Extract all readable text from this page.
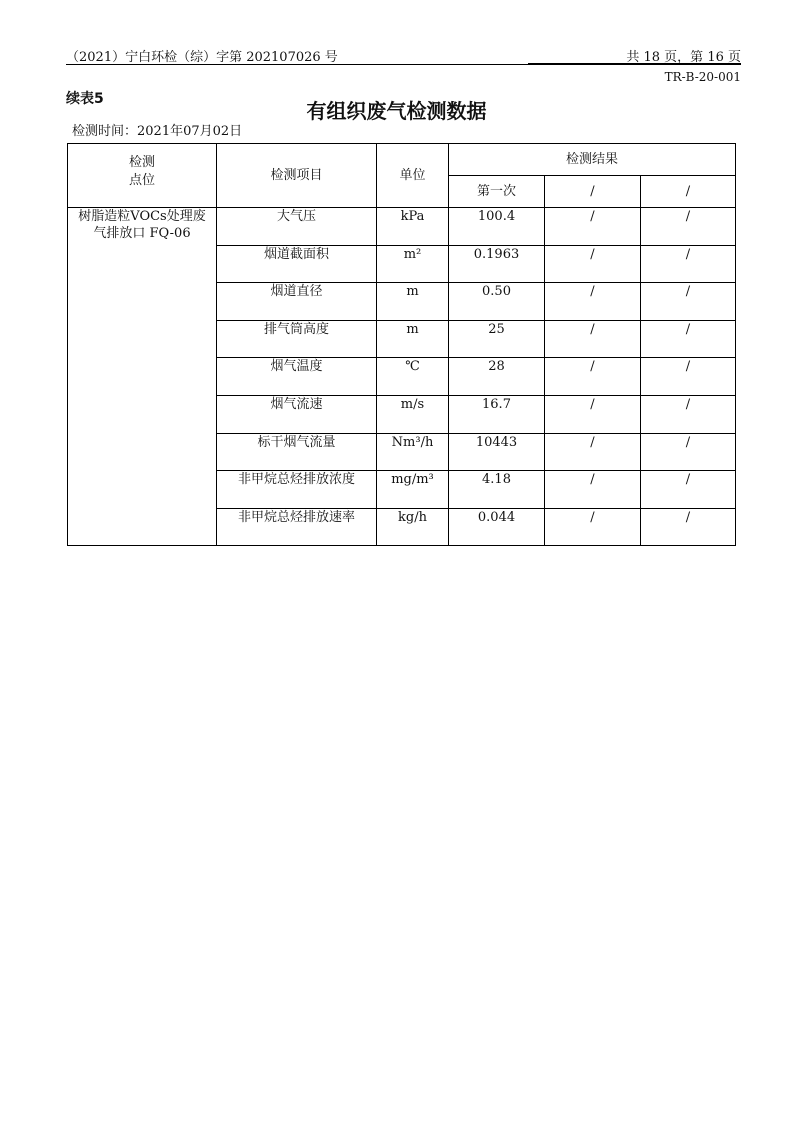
（2021）宁白环检（综）字第 202107026 号	共 18 页，第 16 页
TR-B-20-001
续表5	有组织废气检测数据
检测时间：2021年07月02日
检测
点位	检测项目	单位	检测结果		
			第一次	/	/
树脂造粒VOCs处理废
气排放口 FQ-06	大气压	kPa	100.4	/	/
	烟道截面积	m²	0.1963	/	/
	烟道直径	m	0.50	/	/
	排气筒高度	m	25	/	/
	烟气温度	℃	28	/	/
	烟气流速	m/s	16.7	/	/
	标干烟气流量	Nm³/h	10443	/	/
	非甲烷总烃排放浓度	mg/m³	4.18	/	/
	非甲烷总烃排放速率	kg/h	0.044	/	/
